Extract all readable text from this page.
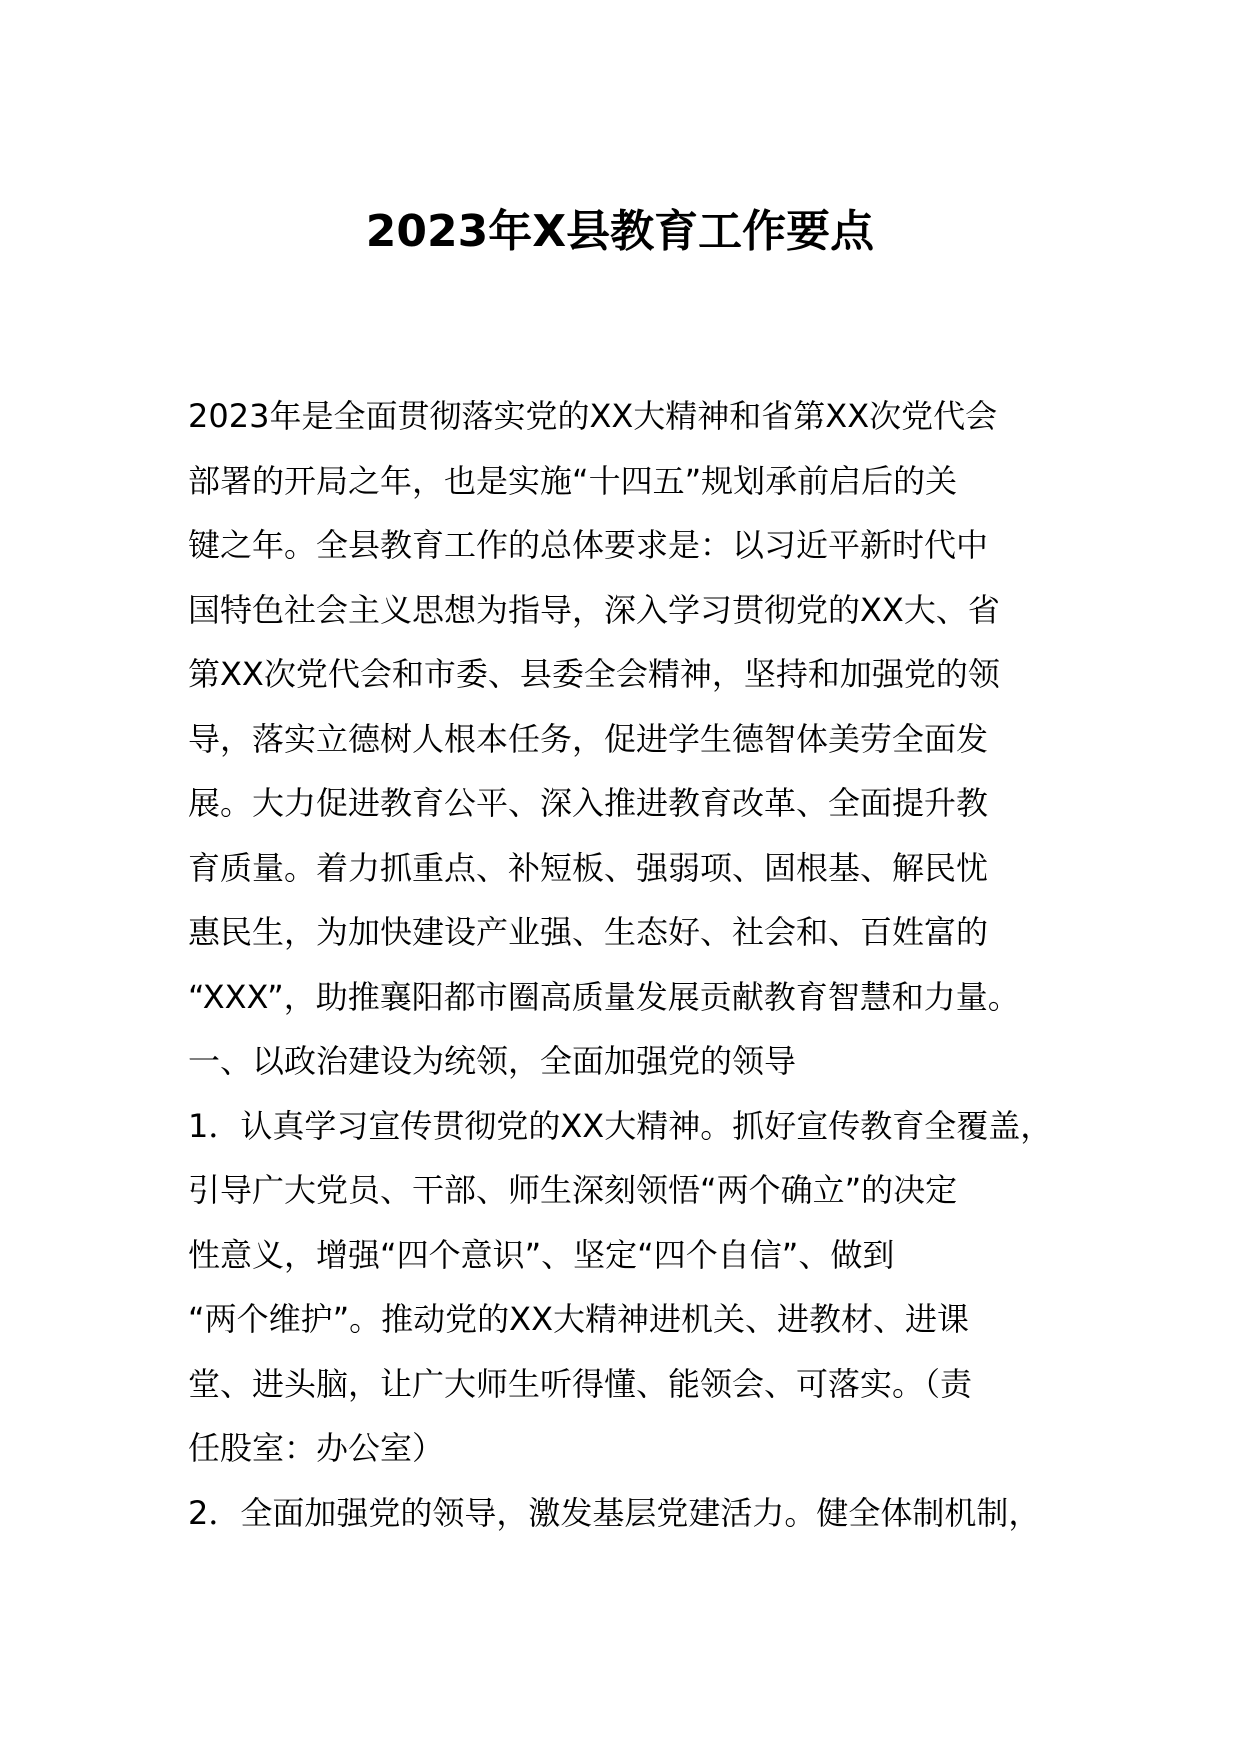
2023年X县教育工作要点
2023年是全面贯彻落实党的XX大精神和省第XX次党代会
部署的开局之年，也是实施“十四五”规划承前启后的关
键之年。全县教育工作的总体要求是：以习近平新时代中
国特色社会主义思想为指导，深入学习贯彻党的XX大、省
第XX次党代会和市委、县委全会精神，坚持和加强党的领
导，落实立德树人根本任务，促进学生德智体美劳全面发
展。大力促进教育公平、深入推进教育改革、全面提升教
育质量。着力抓重点、补短板、强弱项、固根基、解民忧
惠民生，为加快建设产业强、生态好、社会和、百姓富的
“XXX”，助推襄阳都市圈高质量发展贡献教育智慧和力量。
一、以政治建设为统领，全面加强党的领导
1．认真学习宣传贯彻党的XX大精神。抓好宣传教育全覆盖，
引导广大党员、干部、师生深刻领悟“两个确立”的决定
性意义，增强“四个意识”、坚定“四个自信”、做到
“两个维护”。推动党的XX大精神进机关、进教材、进课
堂、进头脑，让广大师生听得懂、能领会、可落实。（责
任股室：办公室）
2．全面加强党的领导，激发基层党建活力。健全体制机制，
